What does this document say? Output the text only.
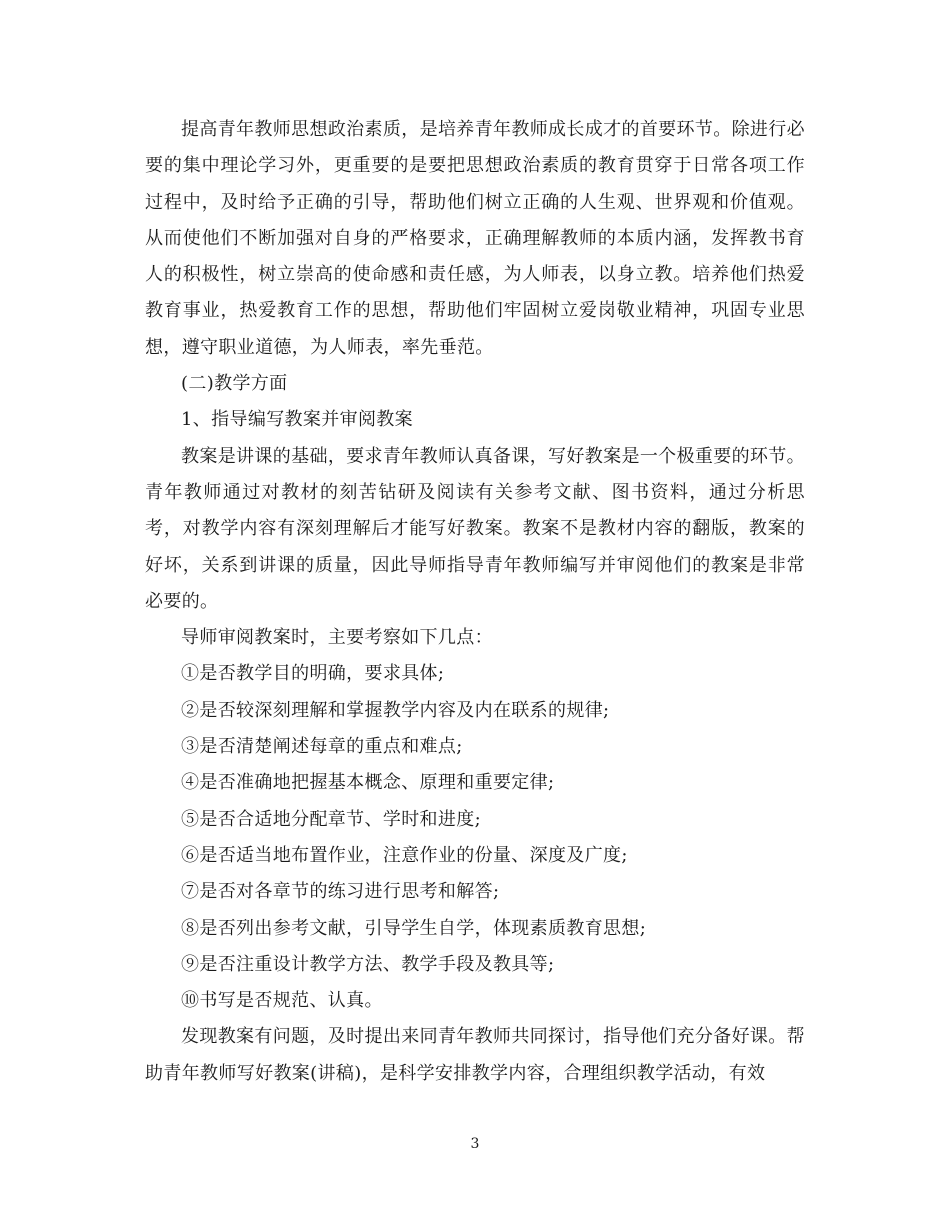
提高青年教师思想政治素质，是培养青年教师成长成才的首要环节。除进行必要的集中理论学习外，更重要的是要把思想政治素质的教育贯穿于日常各项工作过程中，及时给予正确的引导，帮助他们树立正确的人生观、世界观和价值观。从而使他们不断加强对自身的严格要求，正确理解教师的本质内涵，发挥教书育人的积极性，树立崇高的使命感和责任感，为人师表，以身立教。培养他们热爱教育事业，热爱教育工作的思想，帮助他们牢固树立爱岗敬业精神，巩固专业思想，遵守职业道德，为人师表，率先垂范。

(二)教学方面

1、指导编写教案并审阅教案

教案是讲课的基础，要求青年教师认真备课，写好教案是一个极重要的环节。青年教师通过对教材的刻苦钻研及阅读有关参考文献、图书资料，通过分析思考，对教学内容有深刻理解后才能写好教案。教案不是教材内容的翻版，教案的好坏，关系到讲课的质量，因此导师指导青年教师编写并审阅他们的教案是非常必要的。

导师审阅教案时，主要考察如下几点：

①是否教学目的明确，要求具体;

②是否较深刻理解和掌握教学内容及内在联系的规律;

③是否清楚阐述每章的重点和难点;

④是否准确地把握基本概念、原理和重要定律;

⑤是否合适地分配章节、学时和进度;

⑥是否适当地布置作业，注意作业的份量、深度及广度;

⑦是否对各章节的练习进行思考和解答;

⑧是否列出参考文献，引导学生自学，体现素质教育思想;

⑨是否注重设计教学方法、教学手段及教具等;

⑩书写是否规范、认真。

发现教案有问题，及时提出来同青年教师共同探讨，指导他们充分备好课。帮助青年教师写好教案(讲稿)，是科学安排教学内容，合理组织教学活动，有效

3
